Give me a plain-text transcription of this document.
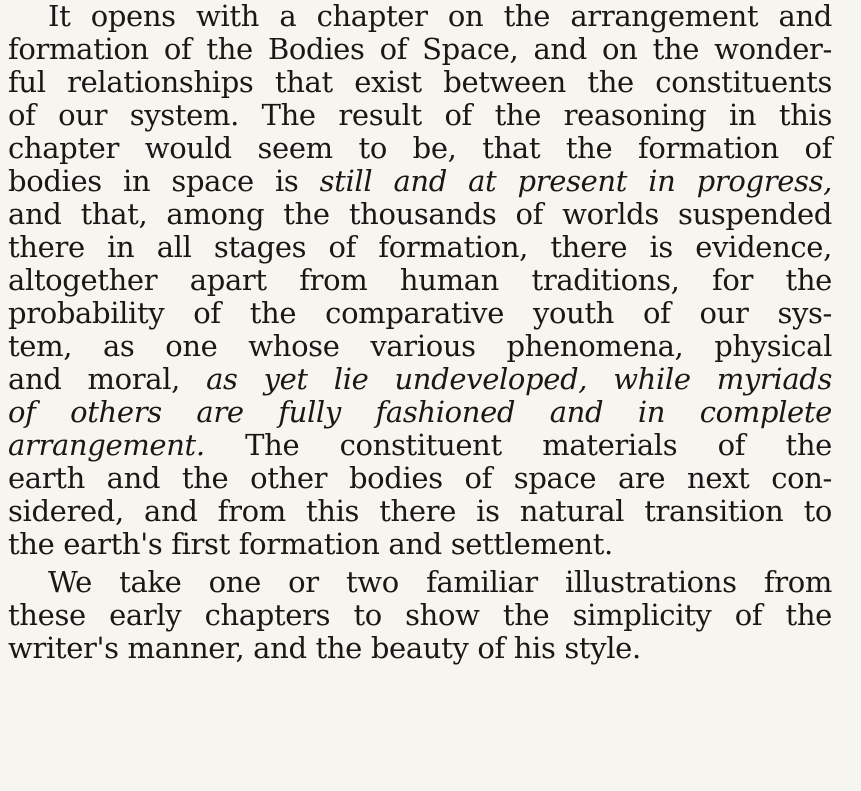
It opens with a chapter on the arrangement and
formation of the Bodies of Space, and on the wonder-
ful relationships that exist between the constituents
of our system. The result of the reasoning in this
chapter would seem to be, that the formation of
bodies in space is still and at present in progress,
and that, among the thousands of worlds suspended
there in all stages of formation, there is evidence,
altogether apart from human traditions, for the
probability of the comparative youth of our sys-
tem, as one whose various phenomena, physical
and moral, as yet lie undeveloped, while myriads
of others are fully fashioned and in complete
arrangement. The constituent materials of the
earth and the other bodies of space are next con-
sidered, and from this there is natural transition to
the earth's first formation and settlement.
We take one or two familiar illustrations from
these early chapters to show the simplicity of the
writer's manner, and the beauty of his style.
